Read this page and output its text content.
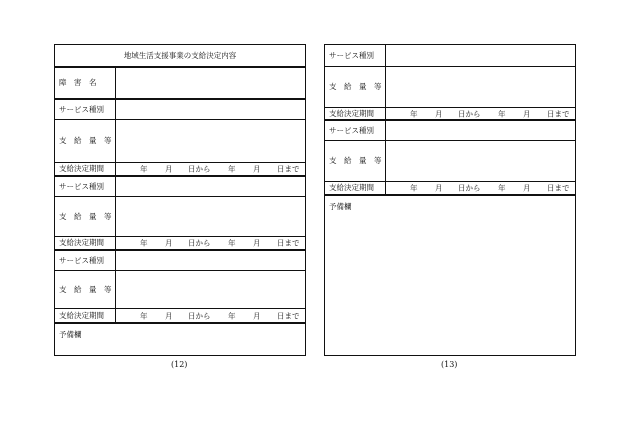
地域生活支援事業の支給決定内容
障　害　名
サービス種別
支　給　量　等
支給決定期間	年 月 日から 年 月 日まで
サービス種別
支　給　量　等
支給決定期間	年 月 日から 年 月 日まで
サービス種別
支　給　量　等
支給決定期間	年 月 日から 年 月 日まで
予備欄
(12)
サービス種別
支　給　量　等
支給決定期間	年 月 日から 年 月 日まで
サービス種別
支　給　量　等
支給決定期間	年 月 日から 年 月 日まで
予備欄
(13)
